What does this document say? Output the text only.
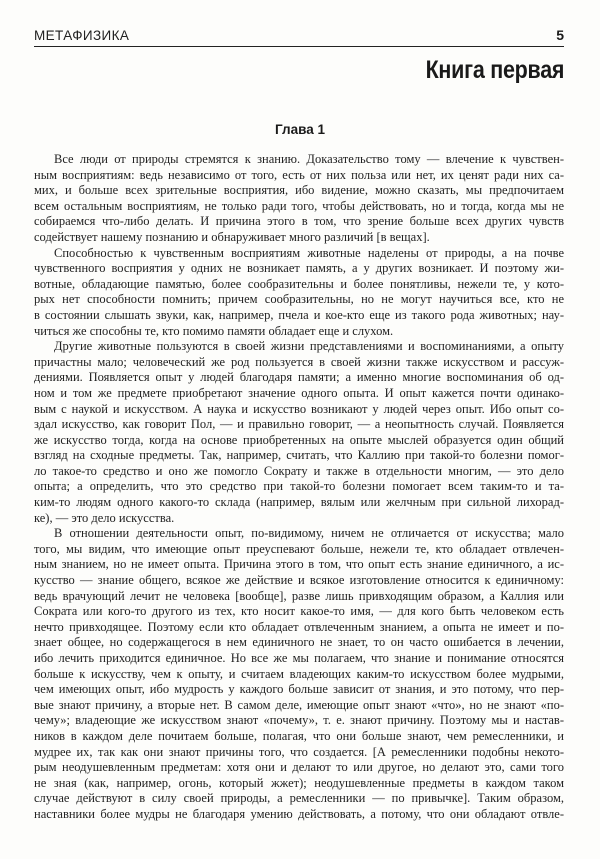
МЕТАФИЗИКА	5
Книга первая
Глава 1

Все люди от природы стремятся к знанию. Доказательство тому — влечение к чувствен-
ным восприятиям: ведь независимо от того, есть от них польза или нет, их ценят ради них са-
мих, и больше всех зрительные восприятия, ибо видение, можно сказать, мы предпочитаем
всем остальным восприятиям, не только ради того, чтобы действовать, но и тогда, когда мы не
собираемся что-либо делать. И причина этого в том, что зрение больше всех других чувств
содействует нашему познанию и обнаруживает много различий [в вещах].

Способностью к чувственным восприятиям животные наделены от природы, а на почве
чувственного восприятия у одних не возникает память, а у других возникает. И поэтому жи-
вотные, обладающие памятью, более сообразительны и более понятливы, нежели те, у кото-
рых нет способности помнить; причем сообразительны, но не могут научиться все, кто не
в состоянии слышать звуки, как, например, пчела и кое-кто еще из такого рода животных; нау-
читься же способны те, кто помимо памяти обладает еще и слухом.

Другие животные пользуются в своей жизни представлениями и воспоминаниями, а опыту
причастны мало; человеческий же род пользуется в своей жизни также искусством и рассуж-
дениями. Появляется опыт у людей благодаря памяти; а именно многие воспоминания об од-
ном и том же предмете приобретают значение одного опыта. И опыт кажется почти одинако-
вым с наукой и искусством. А наука и искусство возникают у людей через опыт. Ибо опыт со-
здал искусство, как говорит Пол, — и правильно говорит, — а неопытность случай. Появляется
же искусство тогда, когда на основе приобретенных на опыте мыслей образуется один общий
взгляд на сходные предметы. Так, например, считать, что Каллию при такой-то болезни помог-
ло такое-то средство и оно же помогло Сократу и также в отдельности многим, — это дело
опыта; а определить, что это средство при такой-то болезни помогает всем таким-то и та-
ким-то людям одного какого-то склада (например, вялым или желчным при сильной лихорад-
ке), — это дело искусства.

В отношении деятельности опыт, по-видимому, ничем не отличается от искусства; мало
того, мы видим, что имеющие опыт преуспевают больше, нежели те, кто обладает отвлечен-
ным знанием, но не имеет опыта. Причина этого в том, что опыт есть знание единичного, а ис-
кусство — знание общего, всякое же действие и всякое изготовление относится к единичному:
ведь врачующий лечит не человека [вообще], разве лишь привходящим образом, а Каллия или
Сократа или кого-то другого из тех, кто носит какое-то имя, — для кого быть человеком есть
нечто привходящее. Поэтому если кто обладает отвлеченным знанием, а опыта не имеет и по-
знает общее, но содержащегося в нем единичного не знает, то он часто ошибается в лечении,
ибо лечить приходится единичное. Но все же мы полагаем, что знание и понимание относятся
больше к искусству, чем к опыту, и считаем владеющих каким-то искусством более мудрыми,
чем имеющих опыт, ибо мудрость у каждого больше зависит от знания, и это потому, что пер-
вые знают причину, а вторые нет. В самом деле, имеющие опыт знают «что», но не знают «по-
чему»; владеющие же искусством знают «почему», т. е. знают причину. Поэтому мы и настав-
ников в каждом деле почитаем больше, полагая, что они больше знают, чем ремесленники, и
мудрее их, так как они знают причины того, что создается. [А ремесленники подобны некото-
рым неодушевленным предметам: хотя они и делают то или другое, но делают это, сами того
не зная (как, например, огонь, который жжет); неодушевленные предметы в каждом таком
случае действуют в силу своей природы, а ремесленники — по привычке]. Таким образом,
наставники более мудры не благодаря умению действовать, а потому, что они обладают отвле-
